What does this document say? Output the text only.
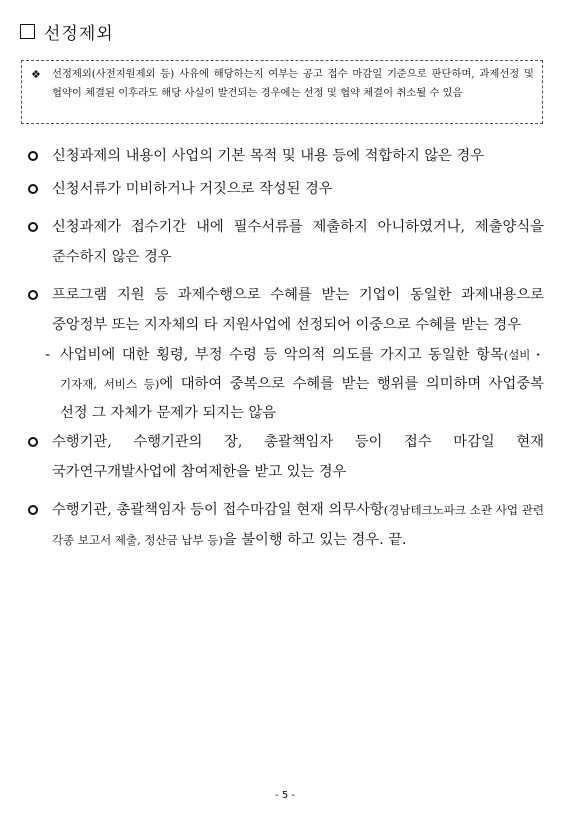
선정제외
❖ 선정제외(사전지원제외 등) 사유에 해당하는지 여부는 공고 접수 마감일 기준으로 판단하며, 과제선정 및 협약이 체결된 이후라도 해당 사실이 발견되는 경우에는 선정 및 협약 체결이 취소될 수 있음
신청과제의 내용이 사업의 기본 목적 및 내용 등에 적합하지 않은 경우
신청서류가 미비하거나 거짓으로 작성된 경우
신청과제가 접수기간 내에 필수서류를 제출하지 아니하였거나, 제출양식을 준수하지 않은 경우
프로그램 지원 등 과제수행으로 수혜를 받는 기업이 동일한 과제내용으로 중앙정부 또는 지자체의 타 지원사업에 선정되어 이중으로 수혜를 받는 경우
- 사업비에 대한 횡령, 부정 수령 등 악의적 의도를 가지고 동일한 항목(설비・기자재, 서비스 등)에 대하여 중복으로 수혜를 받는 행위를 의미하며 사업중복 선정 그 자체가 문제가 되지는 않음
수행기관, 수행기관의 장, 총괄책임자 등이 접수 마감일 현재 국가연구개발사업에 참여제한을 받고 있는 경우
수행기관, 총괄책임자 등이 접수마감일 현재 의무사항(경남테크노파크 소관 사업 관련 각종 보고서 제출, 정산금 납부 등)을 불이행 하고 있는 경우. 끝.
- 5 -
